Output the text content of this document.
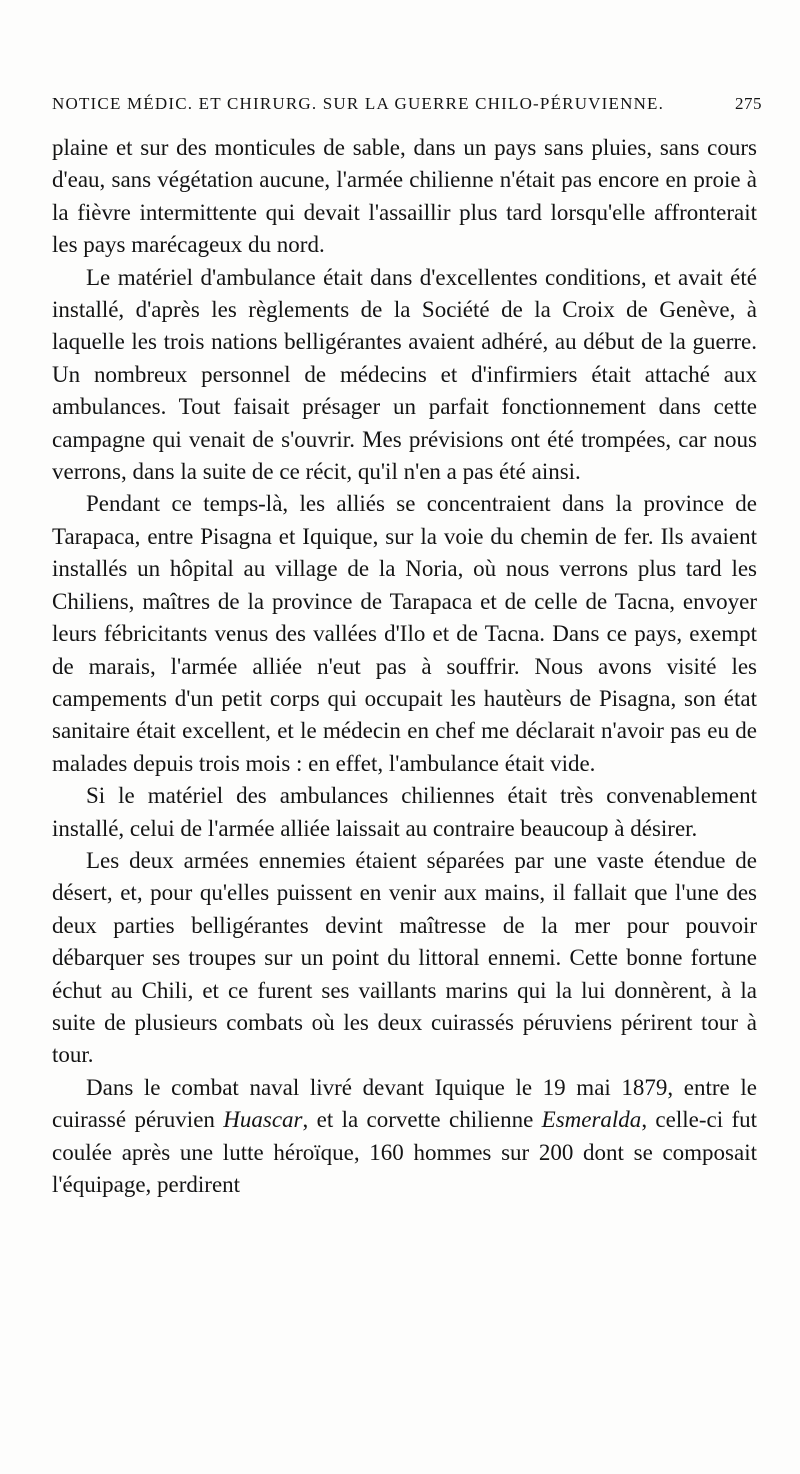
NOTICE MÉDIC. ET CHIRURG. SUR LA GUERRE CHILO-PÉRUVIENNE.	275

plaine et sur des monticules de sable, dans un pays sans pluies, sans cours d'eau, sans végétation aucune, l'armée chilienne n'était pas encore en proie à la fièvre intermittente qui devait l'assaillir plus tard lorsqu'elle affronterait les pays marécageux du nord.

Le matériel d'ambulance était dans d'excellentes conditions, et avait été installé, d'après les règlements de la Société de la Croix de Genève, à laquelle les trois nations belligérantes avaient adhéré, au début de la guerre. Un nombreux personnel de médecins et d'infirmiers était attaché aux ambulances. Tout faisait présager un parfait fonctionnement dans cette campagne qui venait de s'ouvrir. Mes prévisions ont été trompées, car nous verrons, dans la suite de ce récit, qu'il n'en a pas été ainsi.

Pendant ce temps-là, les alliés se concentraient dans la province de Tarapaca, entre Pisagna et Iquique, sur la voie du chemin de fer. Ils avaient installés un hôpital au village de la Noria, où nous verrons plus tard les Chiliens, maîtres de la province de Tarapaca et de celle de Tacna, envoyer leurs fébricitants venus des vallées d'Ilo et de Tacna. Dans ce pays, exempt de marais, l'armée alliée n'eut pas à souffrir. Nous avons visité les campements d'un petit corps qui occupait les hautèurs de Pisagna, son état sanitaire était excellent, et le médecin en chef me déclarait n'avoir pas eu de malades depuis trois mois : en effet, l'ambulance était vide.

Si le matériel des ambulances chiliennes était très convenablement installé, celui de l'armée alliée laissait au contraire beaucoup à désirer.

Les deux armées ennemies étaient séparées par une vaste étendue de désert, et, pour qu'elles puissent en venir aux mains, il fallait que l'une des deux parties belligérantes devint maîtresse de la mer pour pouvoir débarquer ses troupes sur un point du littoral ennemi. Cette bonne fortune échut au Chili, et ce furent ses vaillants marins qui la lui donnèrent, à la suite de plusieurs combats où les deux cuirassés péruviens périrent tour à tour.

Dans le combat naval livré devant Iquique le 19 mai 1879, entre le cuirassé péruvien Huascar, et la corvette chilienne Esmeralda, celle-ci fut coulée après une lutte héroïque, 160 hommes sur 200 dont se composait l'équipage, perdirent
